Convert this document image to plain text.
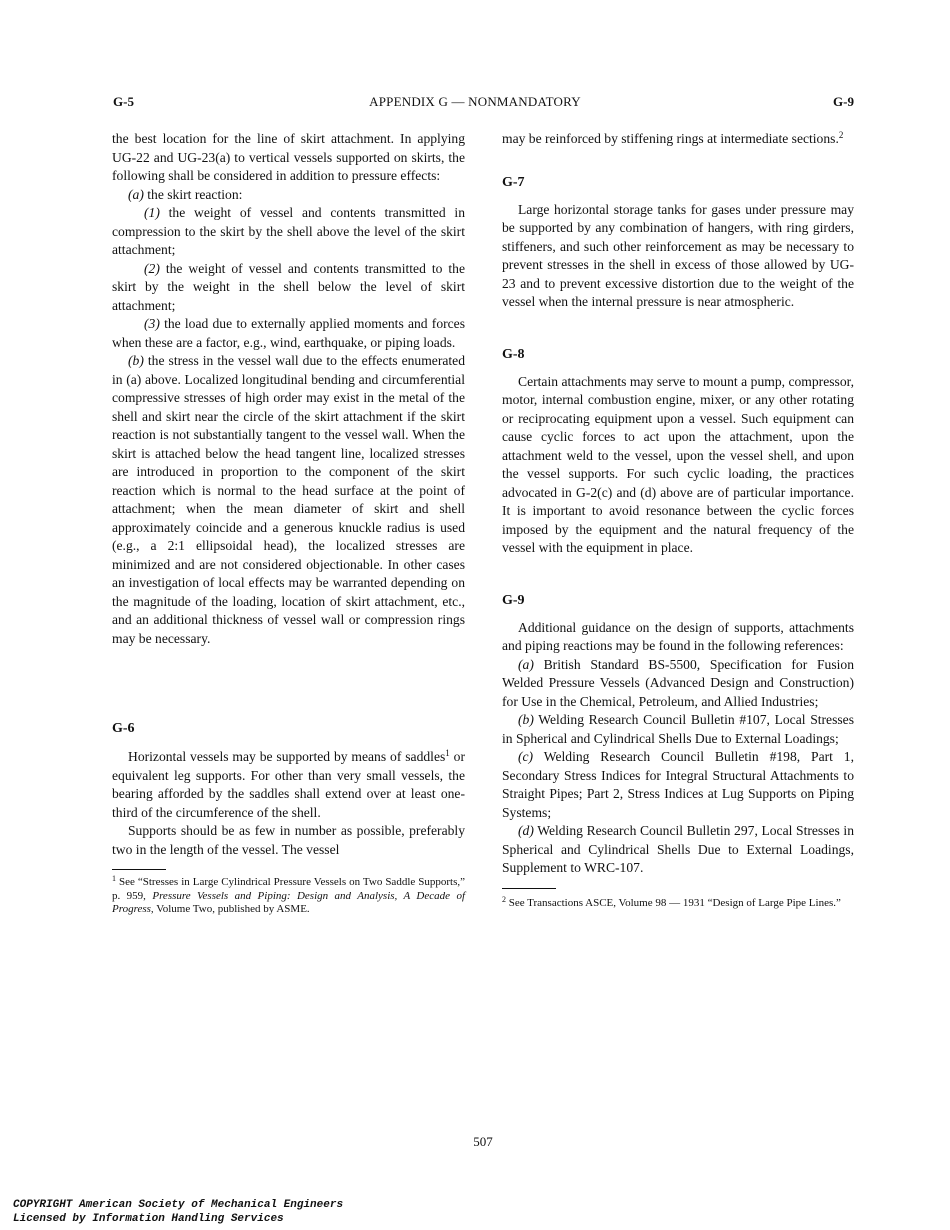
G-5	APPENDIX G — NONMANDATORY	G-9

the best location for the line of skirt attachment. In applying UG-22 and UG-23(a) to vertical vessels supported on skirts, the following shall be considered in addition to pressure effects:

(a) the skirt reaction:

(1) the weight of vessel and contents transmitted in compression to the skirt by the shell above the level of the skirt attachment;

(2) the weight of vessel and contents transmitted to the skirt by the weight in the shell below the level of skirt attachment;

(3) the load due to externally applied moments and forces when these are a factor, e.g., wind, earthquake, or piping loads.

(b) the stress in the vessel wall due to the effects enumerated in (a) above. Localized longitudinal bending and circumferential compressive stresses of high order may exist in the metal of the shell and skirt near the circle of the skirt attachment if the skirt reaction is not substantially tangent to the vessel wall. When the skirt is attached below the head tangent line, localized stresses are introduced in proportion to the component of the skirt reaction which is normal to the head surface at the point of attachment; when the mean diameter of skirt and shell approximately coincide and a generous knuckle radius is used (e.g., a 2:1 ellipsoidal head), the localized stresses are minimized and are not considered objectionable. In other cases an investigation of local effects may be warranted depending on the magnitude of the loading, location of skirt attachment, etc., and an additional thickness of vessel wall or compression rings may be necessary.

G-6

Horizontal vessels may be supported by means of saddles$^1$ or equivalent leg supports. For other than very small vessels, the bearing afforded by the saddles shall extend over at least one-third of the circumference of the shell.

Supports should be as few in number as possible, preferably two in the length of the vessel. The vessel

$^1$ See “Stresses in Large Cylindrical Pressure Vessels on Two Saddle Supports,” p. 959, Pressure Vessels and Piping: Design and Analysis, A Decade of Progress, Volume Two, published by ASME.

may be reinforced by stiffening rings at intermediate sections.$^2$

G-7

Large horizontal storage tanks for gases under pressure may be supported by any combination of hangers, with ring girders, stiffeners, and such other reinforcement as may be necessary to prevent stresses in the shell in excess of those allowed by UG-23 and to prevent excessive distortion due to the weight of the vessel when the internal pressure is near atmospheric.

G-8

Certain attachments may serve to mount a pump, compressor, motor, internal combustion engine, mixer, or any other rotating or reciprocating equipment upon a vessel. Such equipment can cause cyclic forces to act upon the attachment, upon the attachment weld to the vessel, upon the vessel shell, and upon the vessel supports. For such cyclic loading, the practices advocated in G-2(c) and (d) above are of particular importance. It is important to avoid resonance between the cyclic forces imposed by the equipment and the natural frequency of the vessel with the equipment in place.

G-9

Additional guidance on the design of supports, attachments and piping reactions may be found in the following references:

(a) British Standard BS-5500, Specification for Fusion Welded Pressure Vessels (Advanced Design and Construction) for Use in the Chemical, Petroleum, and Allied Industries;

(b) Welding Research Council Bulletin #107, Local Stresses in Spherical and Cylindrical Shells Due to External Loadings;

(c) Welding Research Council Bulletin #198, Part 1, Secondary Stress Indices for Integral Structural Attachments to Straight Pipes; Part 2, Stress Indices at Lug Supports on Piping Systems;

(d) Welding Research Council Bulletin 297, Local Stresses in Spherical and Cylindrical Shells Due to External Loadings, Supplement to WRC-107.

$^2$ See Transactions ASCE, Volume 98 — 1931 “Design of Large Pipe Lines.”

507
COPYRIGHT American Society of Mechanical Engineers
Licensed by Information Handling Services
